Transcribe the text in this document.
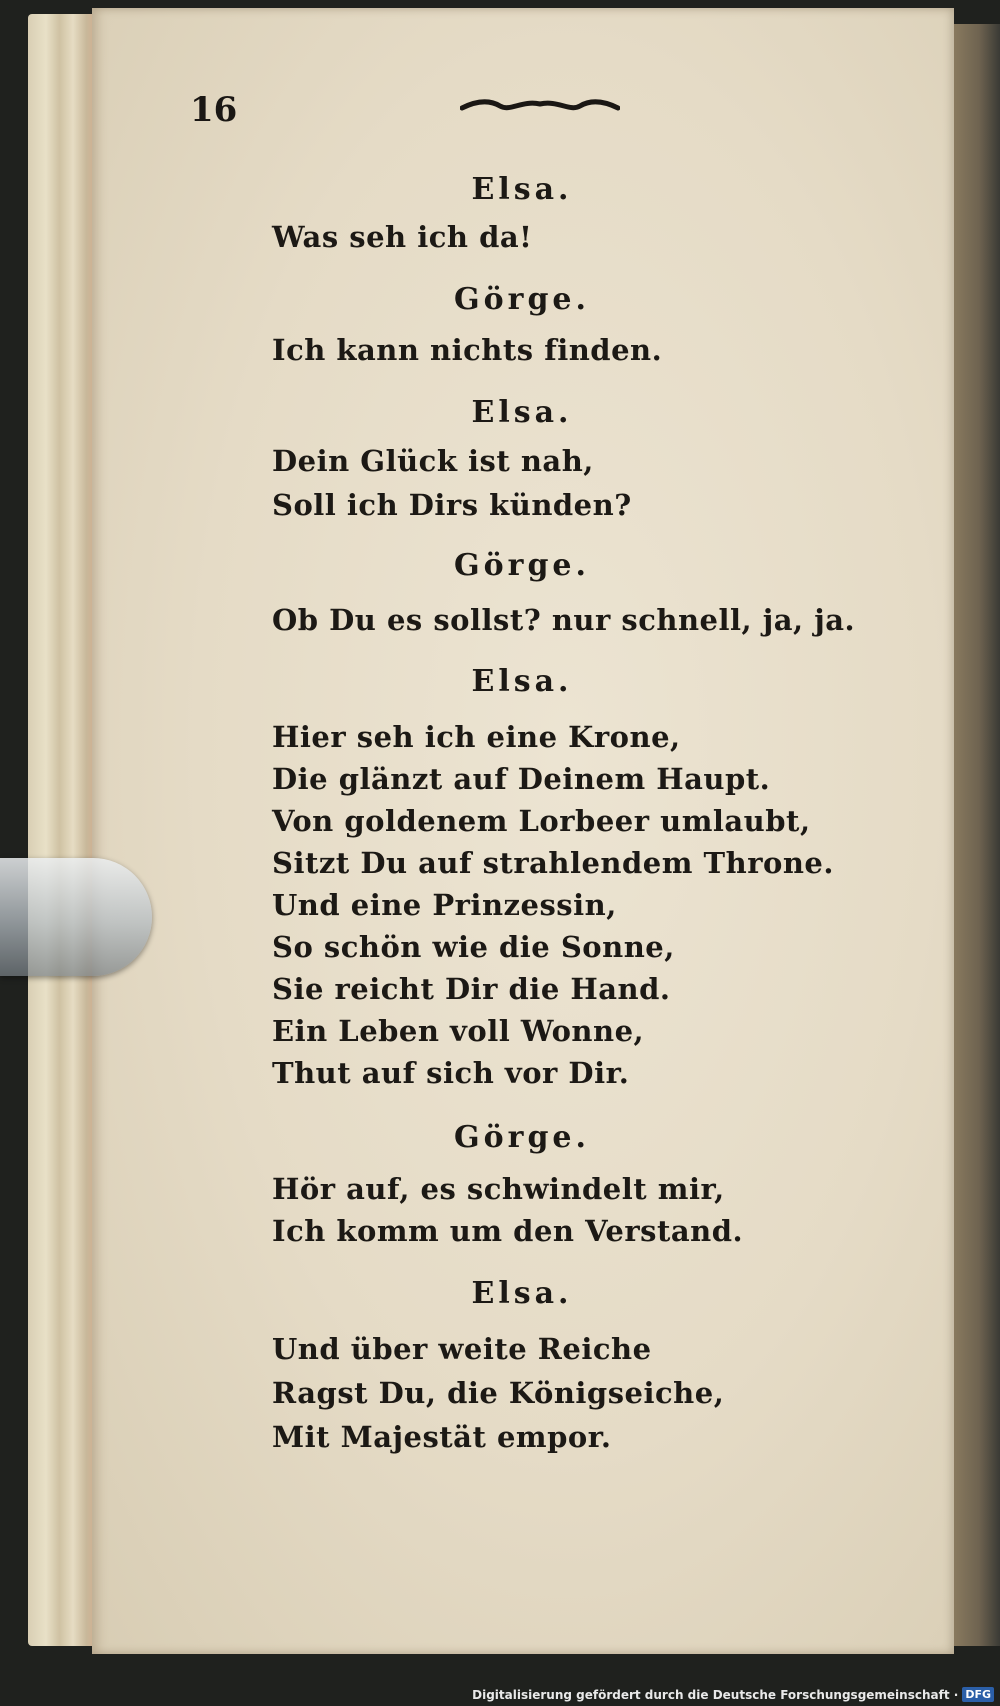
16
Elsa.
Was seh ich da!
Görge.
Ich kann nichts finden.
Elsa.
Dein Glück ist nah,
Soll ich Dirs künden?
Görge.
Ob Du es sollst? nur schnell, ja, ja.
Elsa.
Hier seh ich eine Krone,
Die glänzt auf Deinem Haupt.
Von goldenem Lorbeer umlaubt,
Sitzt Du auf strahlendem Throne.
Und eine Prinzessin,
So schön wie die Sonne,
Sie reicht Dir die Hand.
Ein Leben voll Wonne,
Thut auf sich vor Dir.
Görge.
Hör auf, es schwindelt mir,
Ich komm um den Verstand.
Elsa.
Und über weite Reiche
Ragst Du, die Königseiche,
Mit Majestät empor.
Digitalisierung gefördert durch die Deutsche Forschungsgemeinschaft · DFG
